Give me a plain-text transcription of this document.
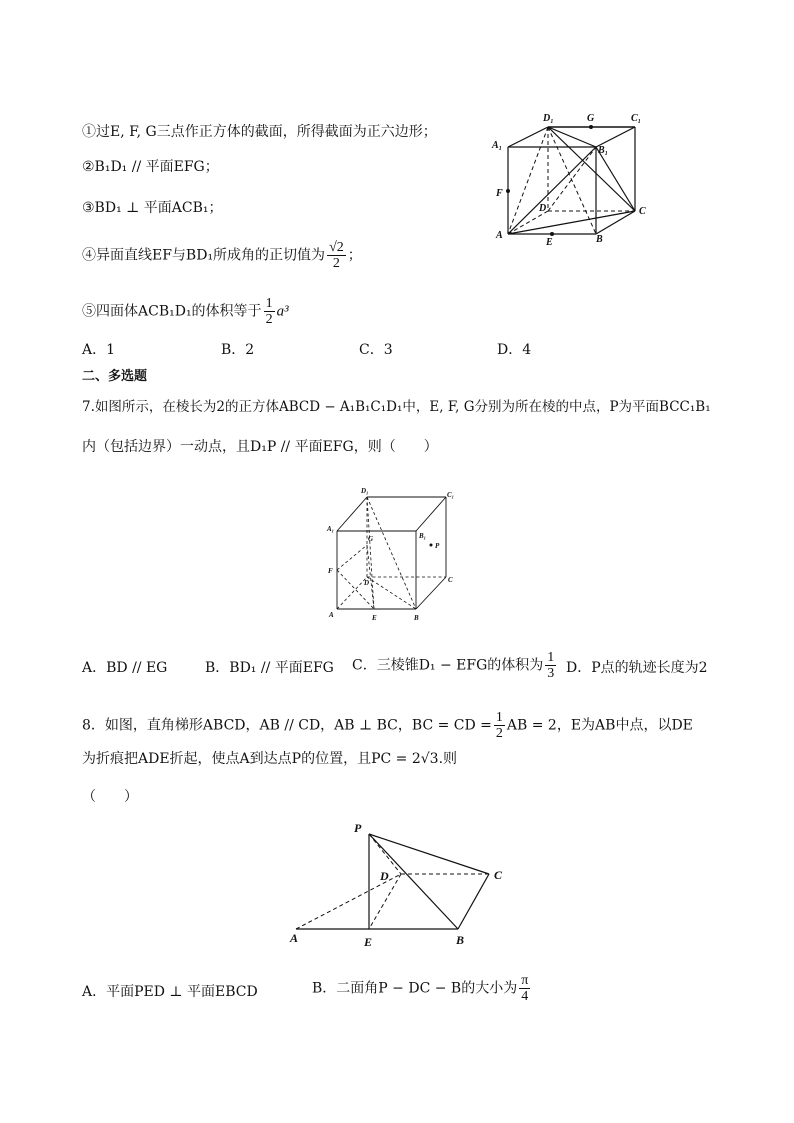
①过E, F, G三点作正方体的截面，所得截面为正六边形；
②B₁D₁ // 平面EFG；
③BD₁ ⊥ 平面ACB₁；
④异面直线EF与BD₁所成角的正切值为 $\frac{√2}{2}$ ；
⑤四面体ACB₁D₁的体积等于 $\frac{1}{2} a^3$
A．1	B．2	C．3	D．4
D₁	G	C₁
A₁	B₁
F
D	C
A
E	B
二、多选题
7.如图所示，在棱长为2的正方体ABCD − A₁B₁C₁D₁中，E, F, G分别为所在棱的中点，P为平面BCC₁B₁
内（包括边界）一动点，且D₁P // 平面EFG，则（　　）
D₁	C₁
A₁
G	B₁
P
F
D	C
A	E	B
A．BD // EG	B．BD₁ // 平面EFG C．三棱锥D₁ − EFG的体积为 $\frac{1}{3}$ D．P点的轨迹长度为2
8．如图，直角梯形ABCD，AB // CD，AB ⊥ BC，BC = CD = $\frac{1}{2}$ AB = 2，E为AB中点，以DE
为折痕把ADE折起，使点A到达点P的位置，且PC = 2√3.则
（　　）
P
D	C
A	E	B
A．平面PED ⊥ 平面EBCD	B．二面角P − DC − B的大小为 $\frac{\pi}{4}$
